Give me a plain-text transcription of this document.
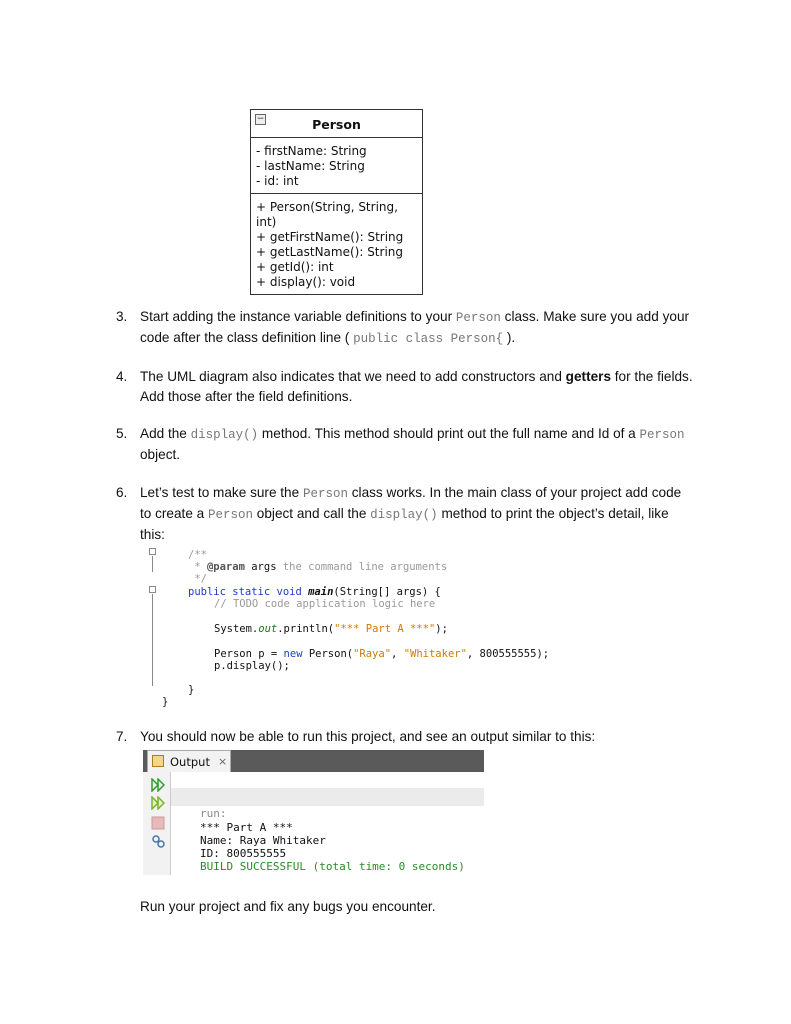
−	Person
- firstName: String
- lastName: String
- id: int
+ Person(String, String, int)
+ getFirstName(): String
+ getLastName(): String
+ getId(): int
+ display(): void
3. Start adding the instance variable definitions to your Person class. Make sure you add your code after the class definition line ( public class Person{ ).
4. The UML diagram also indicates that we need to add constructors and getters for the fields. Add those after the field definitions.
5. Add the display() method. This method should print out the full name and Id of a Person object.
6. Let’s test to make sure the Person class works. In the main class of your project add code to create a Person object and call the display() method to print the object’s detail, like this:
/**
* @param args the command line arguments
*/
public static void main(String[] args) {
// TODO code application logic here
System.out.println("*** Part A ***");
Person p = new Person("Raya", "Whitaker", 800555555);
p.display();
}
}
7. You should now be able to run this project, and see an output similar to this:
Output ×
run:
*** Part A ***
Name: Raya Whitaker
ID: 800555555
BUILD SUCCESSFUL (total time: 0 seconds)
Run your project and fix any bugs you encounter.
